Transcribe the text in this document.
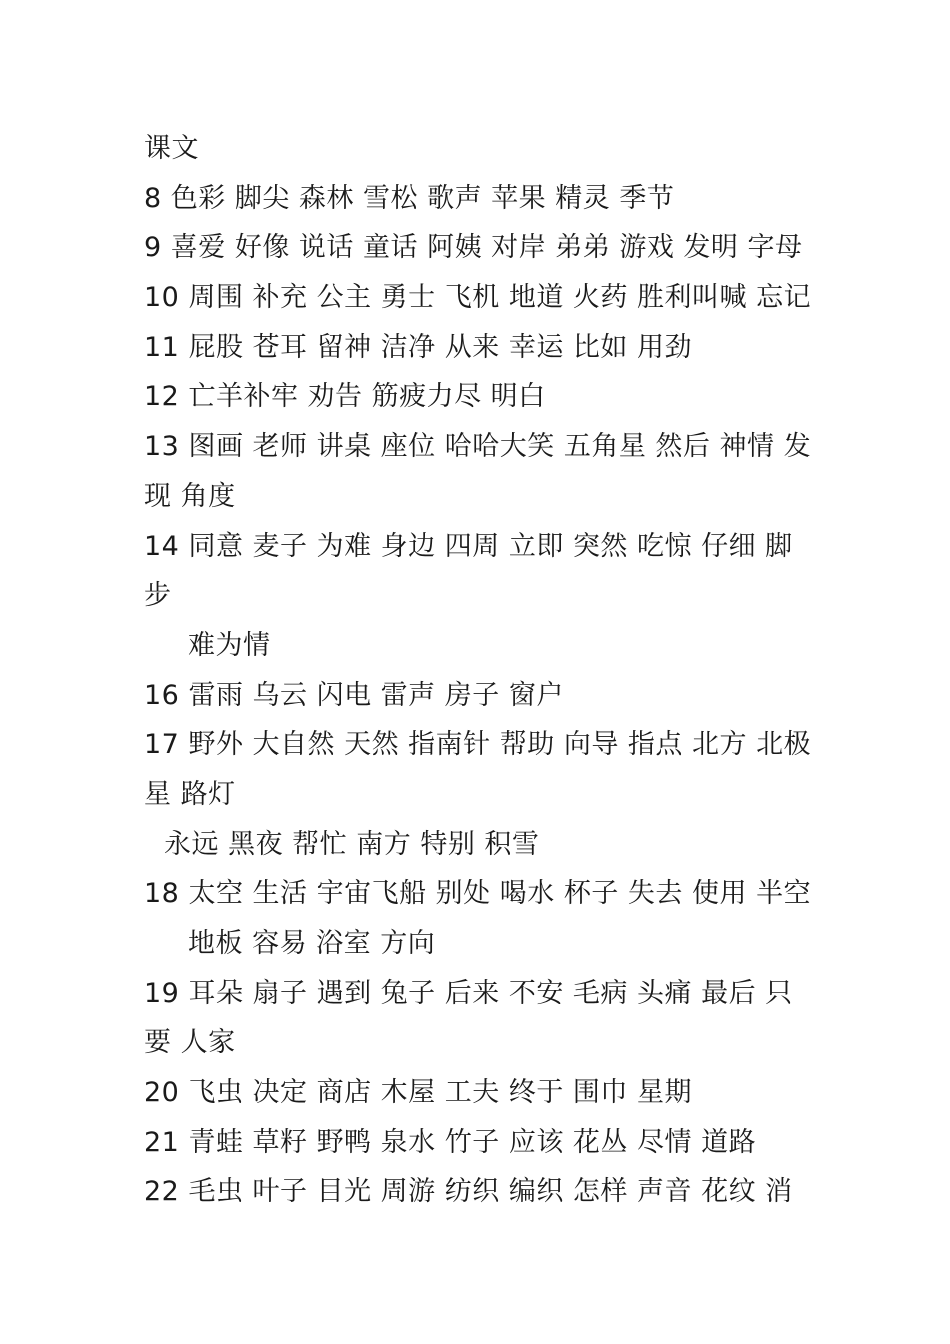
课文
8 色彩 脚尖 森林 雪松 歌声 苹果 精灵 季节
9 喜爱 好像 说话 童话 阿姨 对岸 弟弟 游戏 发明 字母
10 周围 补充 公主 勇士 飞机 地道 火药 胜利叫喊 忘记
11 屁股 苍耳 留神 洁净 从来 幸运 比如 用劲
12 亡羊补牢 劝告 筋疲力尽 明白
13 图画 老师 讲桌 座位 哈哈大笑 五角星 然后 神情 发
现 角度
14 同意 麦子 为难 身边 四周 立即 突然 吃惊 仔细 脚
步
难为情
16 雷雨 乌云 闪电 雷声 房子 窗户
17 野外 大自然 天然 指南针 帮助 向导 指点 北方 北极
星 路灯
永远 黑夜 帮忙 南方 特别 积雪
18 太空 生活 宇宙飞船 别处 喝水 杯子 失去 使用 半空
地板 容易 浴室 方向
19 耳朵 扇子 遇到 兔子 后来 不安 毛病 头痛 最后 只
要 人家
20 飞虫 决定 商店 木屋 工夫 终于 围巾 星期
21 青蛙 草籽 野鸭 泉水 竹子 应该 花丛 尽情 道路
22 毛虫 叶子 目光 周游 纺织 编织 怎样 声音 花纹 消
